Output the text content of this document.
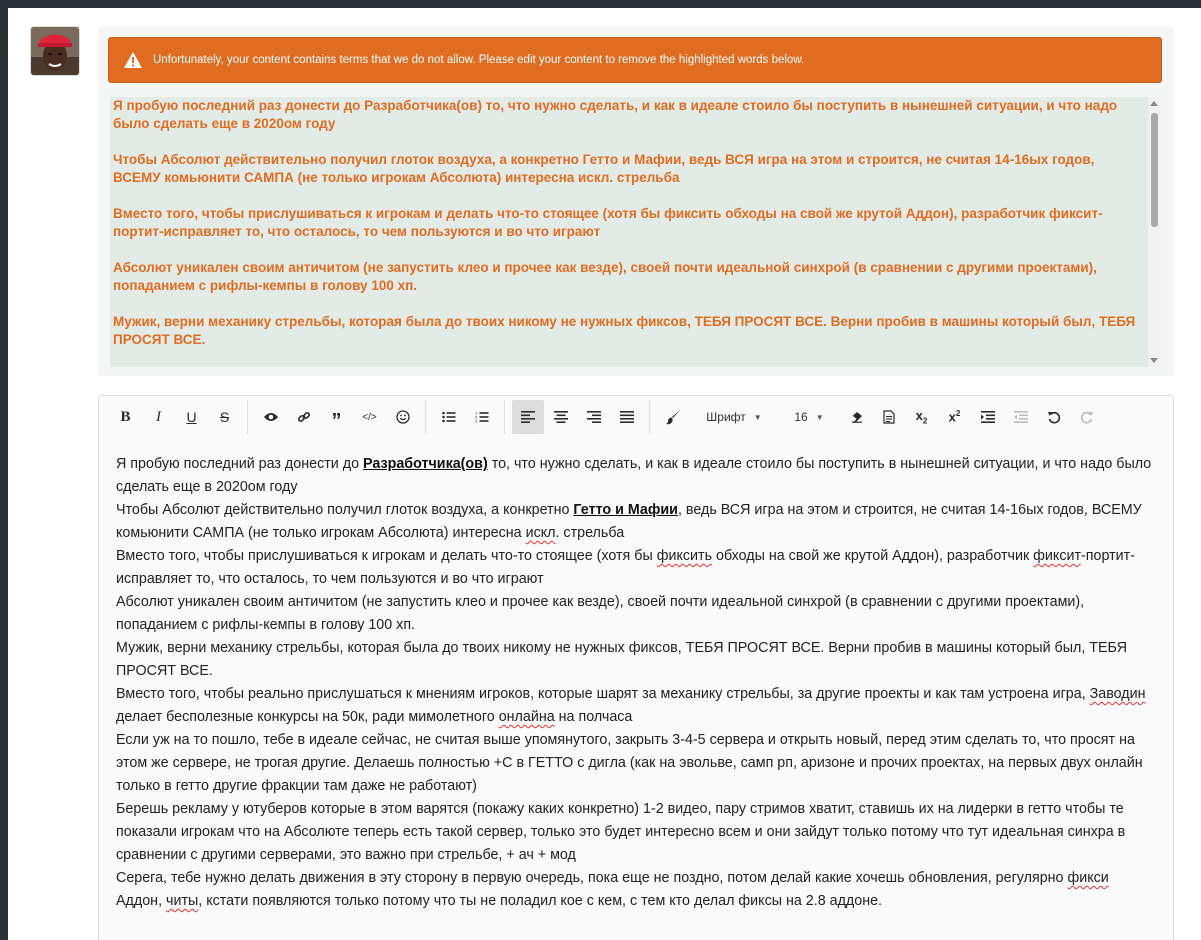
Unfortunately, your content contains terms that we do not allow. Please edit your content to remove the highlighted words below.

Я пробую последний раз донести до Разработчика(ов) то, что нужно сделать, и как в идеале стоило бы поступить в нынешней ситуации, и что надо было сделать еще в 2020ом году

Чтобы Абсолют действительно получил глоток воздуха, а конкретно Гетто и Мафии, ведь ВСЯ игра на этом и строится, не считая 14-16ых годов, ВСЕМУ комьюнити САМПА (не только игрокам Абсолюта) интересна искл. стрельба

Вместо того, чтобы прислушиваться к игрокам и делать что-то стоящее (хотя бы фиксить обходы на свой же крутой Аддон), разработчик фиксит-портит-исправляет то, что осталось, то чем пользуются и во что играют

Абсолют уникален своим античитом (не запустить клео и прочее как везде), своей почти идеальной синхрой (в сравнении с другими проектами), попаданием с рифлы-кемпы в голову 100 хп.

Мужик, верни механику стрельбы, которая была до твоих никому не нужных фиксов, ТЕБЯ ПРОСЯТ ВСЕ. Верни пробив в машины который был, ТЕБЯ ПРОСЯТ ВСЕ.

B I U S	” </>	1
2
3	Шрифт ▼	16 ▼	$x_2$ $x^2$

Я пробую последний раз донести до Разработчика(ов) то, что нужно сделать, и как в идеале стоило бы поступить в нынешней ситуации, и что надо было сделать еще в 2020ом году

Чтобы Абсолют действительно получил глоток воздуха, а конкретно Гетто и Мафии, ведь ВСЯ игра на этом и строится, не считая 14-16ых годов, ВСЕМУ комьюнити САМПА (не только игрокам Абсолюта) интересна искл. стрельба

Вместо того, чтобы прислушиваться к игрокам и делать что-то стоящее (хотя бы фиксить обходы на свой же крутой Аддон), разработчик фиксит-портит-исправляет то, что осталось, то чем пользуются и во что играют

Абсолют уникален своим античитом (не запустить клео и прочее как везде), своей почти идеальной синхрой (в сравнении с другими проектами), попаданием с рифлы-кемпы в голову 100 хп.

Мужик, верни механику стрельбы, которая была до твоих никому не нужных фиксов, ТЕБЯ ПРОСЯТ ВСЕ. Верни пробив в машины который был, ТЕБЯ ПРОСЯТ ВСЕ.

Вместо того, чтобы реально прислушаться к мнениям игроков, которые шарят за механику стрельбы, за другие проекты и как там устроена игра, Заводин делает бесполезные конкурсы на 50к, ради мимолетного онлайна на полчаса

Если уж на то пошло, тебе в идеале сейчас, не считая выше упомянутого, закрыть 3-4-5 сервера и открыть новый, перед этим сделать то, что просят на этом же сервере, не трогая другие. Делаешь полностью +С в ГЕТТО с дигла (как на эвольве, самп рп, аризоне и прочих проектах, на первых двух онлайн только в гетто другие фракции там даже не работают)

Берешь рекламу у ютуберов которые в этом варятся (покажу каких конкретно) 1-2 видео, пару стримов хватит, ставишь их на лидерки в гетто чтобы те показали игрокам что на Абсолюте теперь есть такой сервер, только это будет интересно всем и они зайдут только потому что тут идеальная синхра в сравнении с другими серверами, это важно при стрельбе, + ач + мод

Серега, тебе нужно делать движения в эту сторону в первую очередь, пока еще не поздно, потом делай какие хочешь обновления, регулярно фикси Аддон, читы, кстати появляются только потому что ты не поладил кое с кем, с тем кто делал фиксы на 2.8 аддоне.
